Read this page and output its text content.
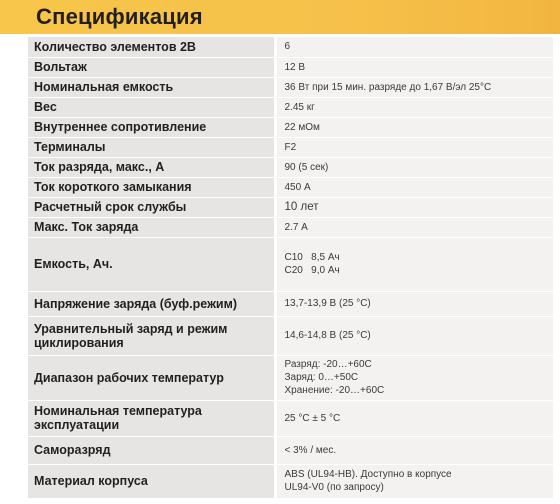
Спецификация
Количество элементов 2В	6

Вольтаж	12 В

Номинальная емкость	36 Вт при 15 мин. разряде до 1,67 В/эл 25°С

Вес	2.45 кг

Внутреннее сопротивление	22 мОм

Терминалы	F2

Ток разряда, макс., А	90 (5 сек)

Ток короткого замыкания	450 А

Расчетный срок службы	10 лет

Макс. Ток заряда	2.7 А

Емкость, Ач.	С10   8,5 Ач
С20   9,0 Ач

Напряжение заряда (буф.режим)	13,7-13,9 В (25 °С)

Уравнительный заряд и режим циклирования	14,6-14,8 В (25 °С)

Диапазон рабочих температур	Разряд: -20…+60С
Заряд: 0…+50С
Хранение: -20…+60С

Номинальная температура эксплуатации	25 °С ± 5 °С

Саморазряд	< 3% / мес.

Материал корпуса	ABS (UL94-HB). Доступно в корпусе
UL94-V0 (по запросу)
